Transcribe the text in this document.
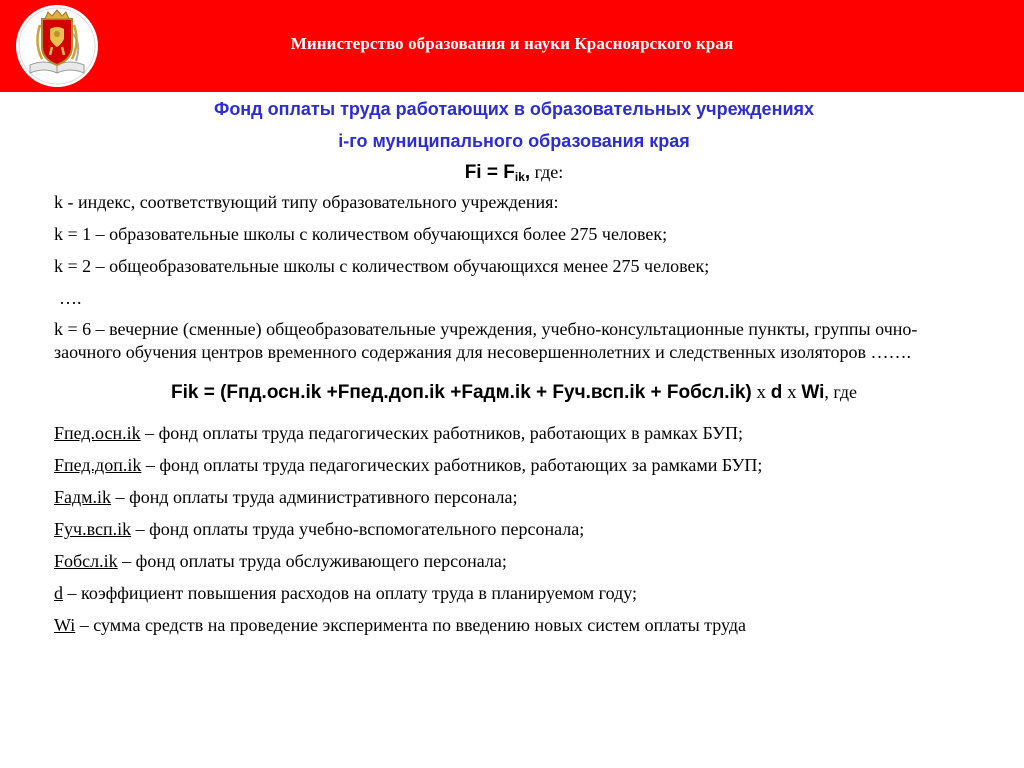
Министерство образования и науки Красноярского края
Фонд оплаты труда работающих в образовательных учреждениях
i-го муниципального образования края
$Fi = F_{ik}$, где:
k - индекс, соответствующий типу образовательного учреждения:
k = 1 – образовательные школы с количеством обучающихся более 275 человек;
k = 2 – общеобразовательные школы с количеством обучающихся менее 275 человек;
….
k = 6 – вечерние (сменные) общеобразовательные учреждения, учебно-консультационные пункты, группы очно-заочного обучения центров временного содержания для несовершеннолетних и следственных изоляторов …….
Fik = (Fпд.осн.ik +Fпед.доп.ik +Fадм.ik + Fуч.всп.ik + Fобсл.ik) х d х Wi, где
Fпед.осн.ik – фонд оплаты труда педагогических работников, работающих в рамках БУП;
Fпед.доп.ik – фонд оплаты труда педагогических работников, работающих за рамками БУП;
Fадм.ik – фонд оплаты труда административного персонала;
Fуч.всп.ik – фонд оплаты труда учебно-вспомогательного персонала;
Fобсл.ik – фонд оплаты труда обслуживающего персонала;
d – коэффициент повышения расходов на оплату труда в планируемом году;
Wi – сумма средств на проведение эксперимента по введению новых систем оплаты труда
